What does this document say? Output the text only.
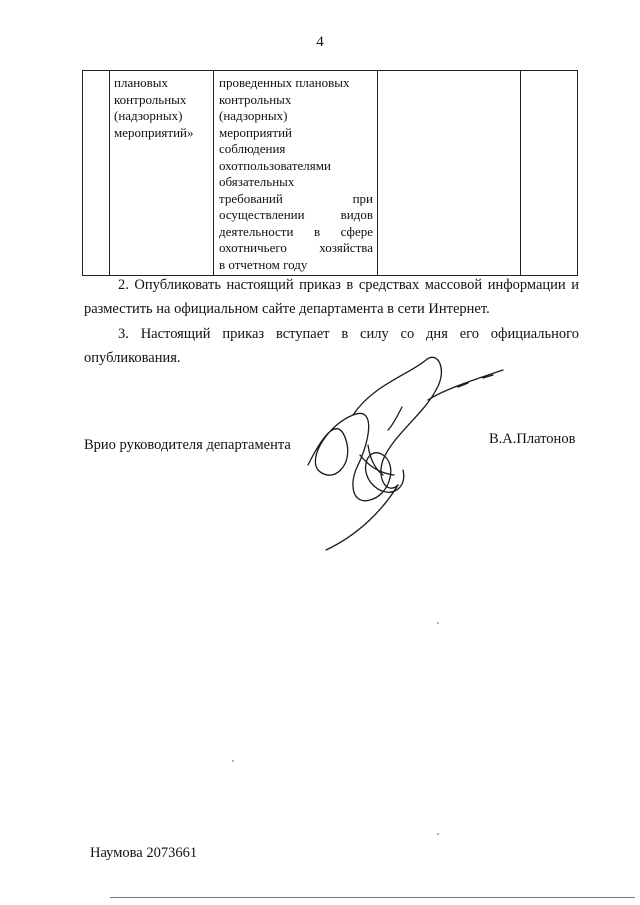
4
	плановых
контрольных
(надзорных)
мероприятий»	проведенных плановых
контрольных
(надзорных)
мероприятий
соблюдения
охотпользователями
обязательных
требований при
осуществлении видов
деятельности в сфере
охотничьего хозяйства
в отчетном году

2. Опубликовать настоящий приказ в средствах массовой информации и разместить на официальном сайте департамента в сети Интернет.
3. Настоящий приказ вступает в силу со дня его официального опубликования.
Врио руководителя департамента	В.А.Платонов
Наумова 2073661
